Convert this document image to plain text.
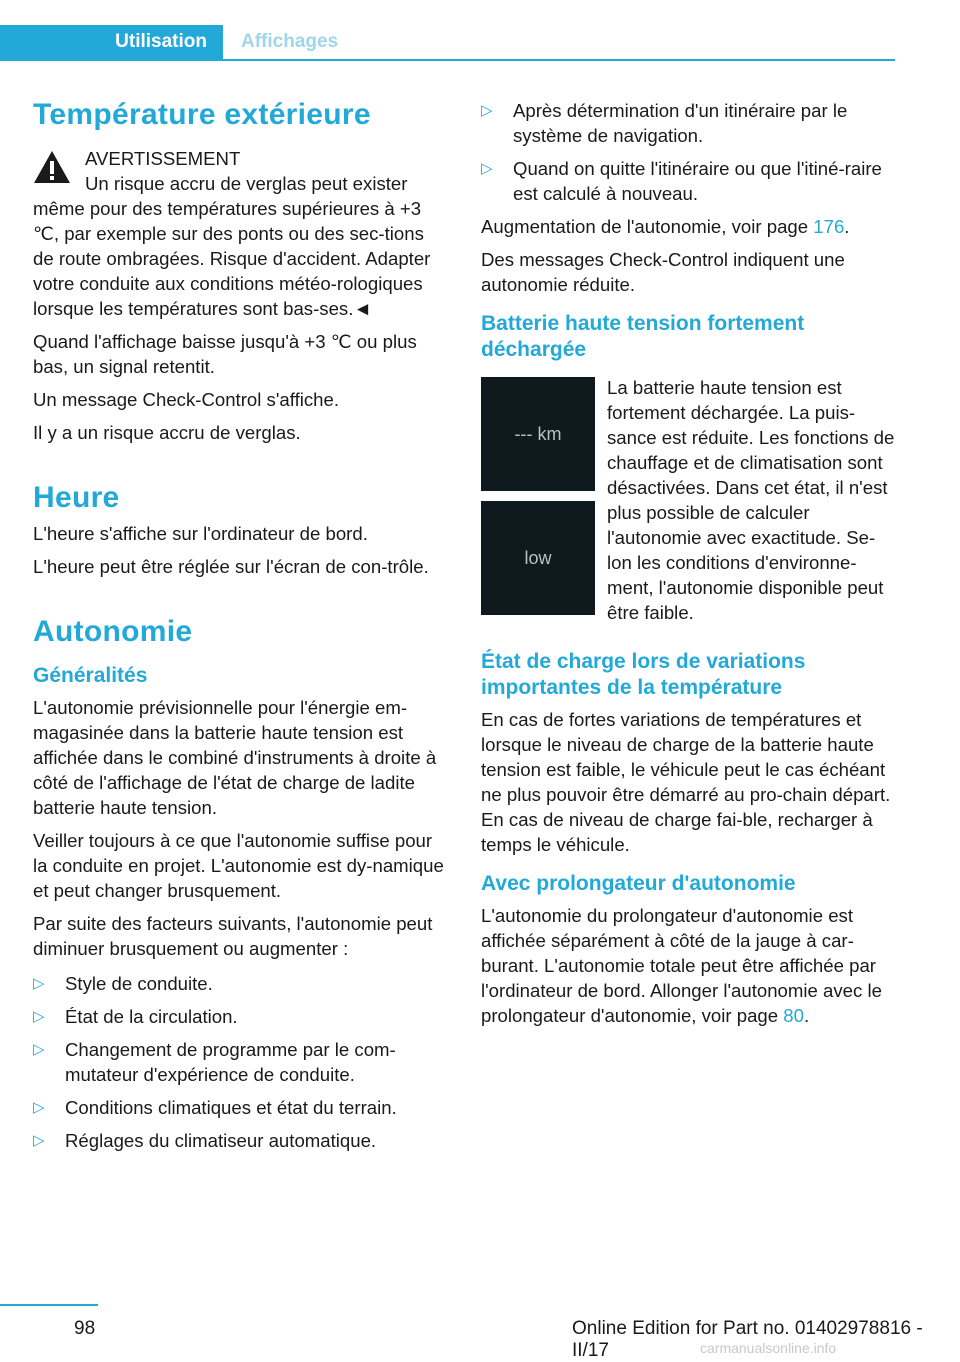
Utilisation	Affichages
Température extérieure
AVERTISSEMENT

Un risque accru de verglas peut exister

même pour des températures supérieures à +3 ℃, par exemple sur des ponts ou des sec‐tions de route ombragées. Risque d'accident. Adapter votre conduite aux conditions météo‐rologiques lorsque les températures sont bas‐ses.◄

Quand l'affichage baisse jusqu'à +3 ℃ ou plus bas, un signal retentit.

Un message Check-Control s'affiche.

Il y a un risque accru de verglas.

Heure

L'heure s'affiche sur l'ordinateur de bord.

L'heure peut être réglée sur l'écran de con‐trôle.

Autonomie
Généralités

L'autonomie prévisionnelle pour l'énergie em‐magasinée dans la batterie haute tension est affichée dans le combiné d'instruments à droite à côté de l'affichage de l'état de charge de ladite batterie haute tension.

Veiller toujours à ce que l'autonomie suffise pour la conduite en projet. L'autonomie est dy‐namique et peut changer brusquement.

Par suite des facteurs suivants, l'autonomie peut diminuer brusquement ou augmenter :

▷ Style de conduite.
▷ État de la circulation.
▷ Changement de programme par le com‐mutateur d'expérience de conduite.
▷ Conditions climatiques et état du terrain.
▷ Réglages du climatiseur automatique.
▷ Après détermination d'un itinéraire par le système de navigation.
▷ Quand on quitte l'itinéraire ou que l'itiné‐raire est calculé à nouveau.

Augmentation de l'autonomie, voir page 176.

Des messages Check-Control indiquent une autonomie réduite.

Batterie haute tension fortement déchargée
--- km
low

La batterie haute tension est fortement déchargée. La puis‐sance est réduite. Les fonctions de chauffage et de climatisation sont désactivées. Dans cet état, il n'est plus possible de calculer l'autonomie avec exactitude. Se‐lon les conditions d'environne‐ment, l'autonomie disponible peut être faible.

État de charge lors de variations importantes de la température

En cas de fortes variations de températures et lorsque le niveau de charge de la batterie haute tension est faible, le véhicule peut le cas échéant ne plus pouvoir être démarré au pro‐chain départ. En cas de niveau de charge fai‐ble, recharger à temps le véhicule.

Avec prolongateur d'autonomie

L'autonomie du prolongateur d'autonomie est affichée séparément à côté de la jauge à car‐burant. L'autonomie totale peut être affichée par l'ordinateur de bord. Allonger l'autonomie avec le prolongateur d'autonomie, voir page 80.

98	Online Edition for Part no. 01402978816 - II/17	carmanualsonline.info
